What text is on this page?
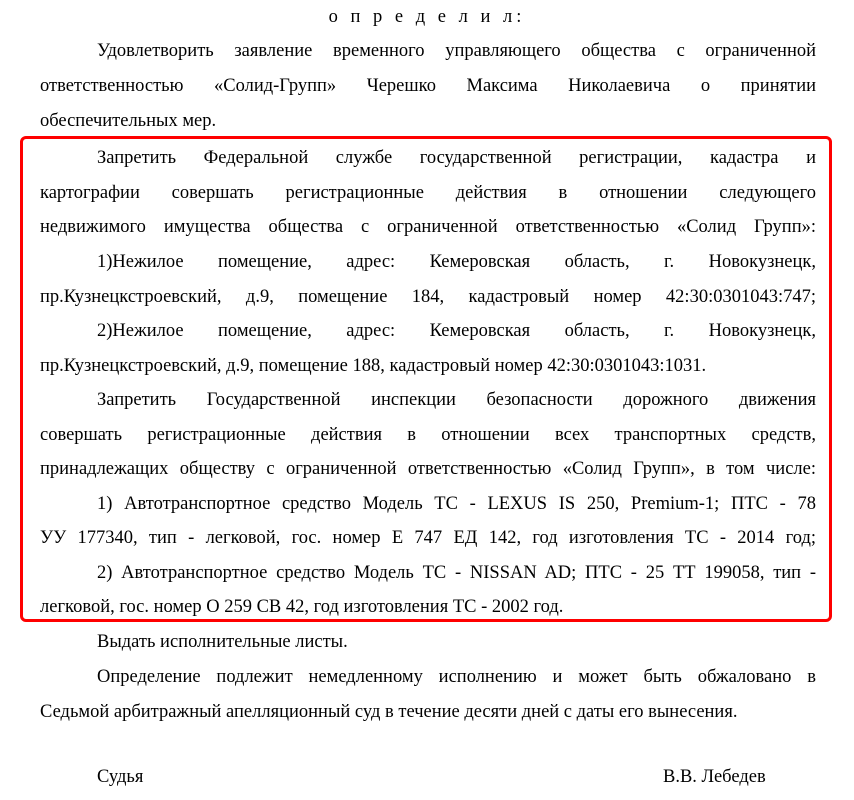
о п р е д е л и л:
Удовлетворить заявление временного управляющего общества с ограниченной
ответственностью «Солид-Групп» Черешко Максима Николаевича о принятии
обеспечительных мер.
Запретить Федеральной службе государственной регистрации, кадастра и
картографии совершать регистрационные действия в отношении следующего
недвижимого имущества общества с ограниченной ответственностью «Солид Групп»:
1)Нежилое помещение, адрес: Кемеровская область, г. Новокузнецк,
пр.Кузнецкстроевский, д.9, помещение 184, кадастровый номер 42:30:0301043:747;
2)Нежилое помещение, адрес: Кемеровская область, г. Новокузнецк,
пр.Кузнецкстроевский, д.9, помещение 188, кадастровый номер 42:30:0301043:1031.
Запретить Государственной инспекции безопасности дорожного движения
совершать регистрационные действия в отношении всех транспортных средств,
принадлежащих обществу с ограниченной ответственностью «Солид Групп», в том числе:
1) Автотранспортное средство Модель ТС - LEXUS IS 250, Premium-1; ПТС - 78
УУ 177340, тип - легковой, гос. номер Е 747 ЕД 142, год изготовления ТС - 2014 год;
2) Автотранспортное средство Модель ТС - NISSAN AD; ПТС - 25 ТТ 199058, тип -
легковой, гос. номер О 259 СВ 42, год изготовления ТС - 2002 год.
Выдать исполнительные листы.
Определение подлежит немедленному исполнению и может быть обжаловано в
Седьмой арбитражный апелляционный суд в течение десяти дней с даты его вынесения.
Судья	В.В. Лебедев
